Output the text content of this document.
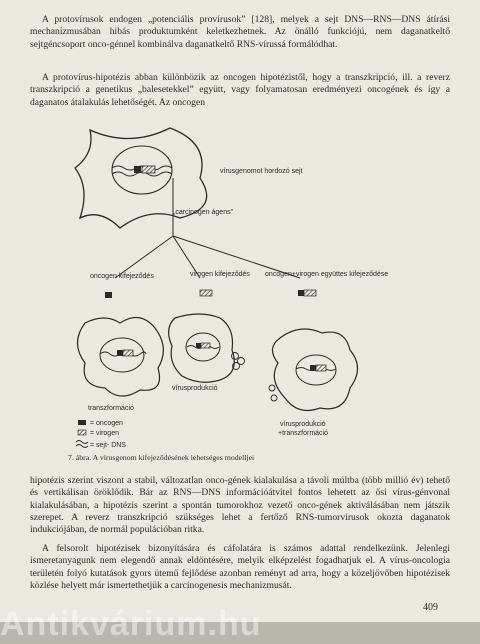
A protovírusok endogen „potenciális provírusok” [128], melyek a sejt DNS—RNS—DNS átírási mechanizmusában hibás produktumként keletkezhetnek. Az önálló funkciójú, nem daganatkeltő sejtgéncsoport onco-génnel kombinálva daganatkeltő RNS-vírussá formálódhat.

A protovírus-hipotézis abban különbözik az oncogen hipotézistől, hogy a transzkripció, ill. a reverz transzkripció a genetikus „balesetekkel” együtt, vagy folyamatosan eredményezi oncogének és így a daganatos átalakulás lehetőségét. Az oncogen

vírusgenomot hordozó sejt
„carcinogen ágens”
oncogen kifejeződés	virogen kifejeződés oncogen+virogen együttes kifejeződése
transzformáció
vírusprodukció
vírusprodukció
+transzformáció
= oncogen
= virogen
= sejt- DNS

7. ábra. A vírusgenom kifejeződésének lehetséges modelljei

hipotézis szerint viszont a stabil, változatlan onco-gének kialakulása a távoli múltba (több millió év) tehető és vertikálisan öröklődik. Bár az RNS—DNS információátvitel fontos lehetett az ősi vírus-génvonal kialakulásában, a hipotézis szerint a spontán tumorokhoz vezető onco-gének aktiválásában nem játszik szerepet. A reverz transzkripció szükséges lehet a fertőző RNS-tumorvírusok okozta daganatok indukciójában, de normál populációban ritka.

A felsorolt hipotézisek bizonyítására és cáfolatára is számos adattal rendelkezünk. Jelenlegi ismeretanyagunk nem elegendő annak eldöntésére, melyik elképzelést fogadhatjuk el. A vírus-oncologia területén folyó kutatások gyors ütemű fejlődése azonban reményt ad arra, hogy a közeljövőben hipotézisek közlése helyett már ismertethetjük a carcinogenesis mechanizmusát.

409
Antikvárium.hu
